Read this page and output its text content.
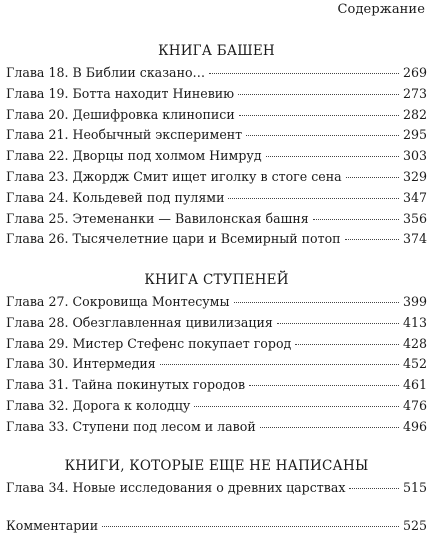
Содержание
КНИГА БАШЕН
Глава 18. В Библии сказано…	269
Глава 19. Ботта находит Ниневию	273
Глава 20. Дешифровка клинописи	282
Глава 21. Необычный эксперимент	295
Глава 22. Дворцы под холмом Нимруд	303
Глава 23. Джордж Смит ищет иголку в стоге сена	329
Глава 24. Кольдевей под пулями	347
Глава 25. Этеменанки — Вавилонская башня	356
Глава 26. Тысячелетние цари и Всемирный потоп	374
КНИГА СТУПЕНЕЙ
Глава 27. Сокровища Монтесумы	399
Глава 28. Обезглавленная цивилизация	413
Глава 29. Мистер Стефенс покупает город	428
Глава 30. Интермедия	452
Глава 31. Тайна покинутых городов	461
Глава 32. Дорога к колодцу	476
Глава 33. Ступени под лесом и лавой	496
КНИГИ, КОТОРЫЕ ЕЩЕ НЕ НАПИСАНЫ
Глава 34. Новые исследования о древних царствах	515
Комментарии	525
